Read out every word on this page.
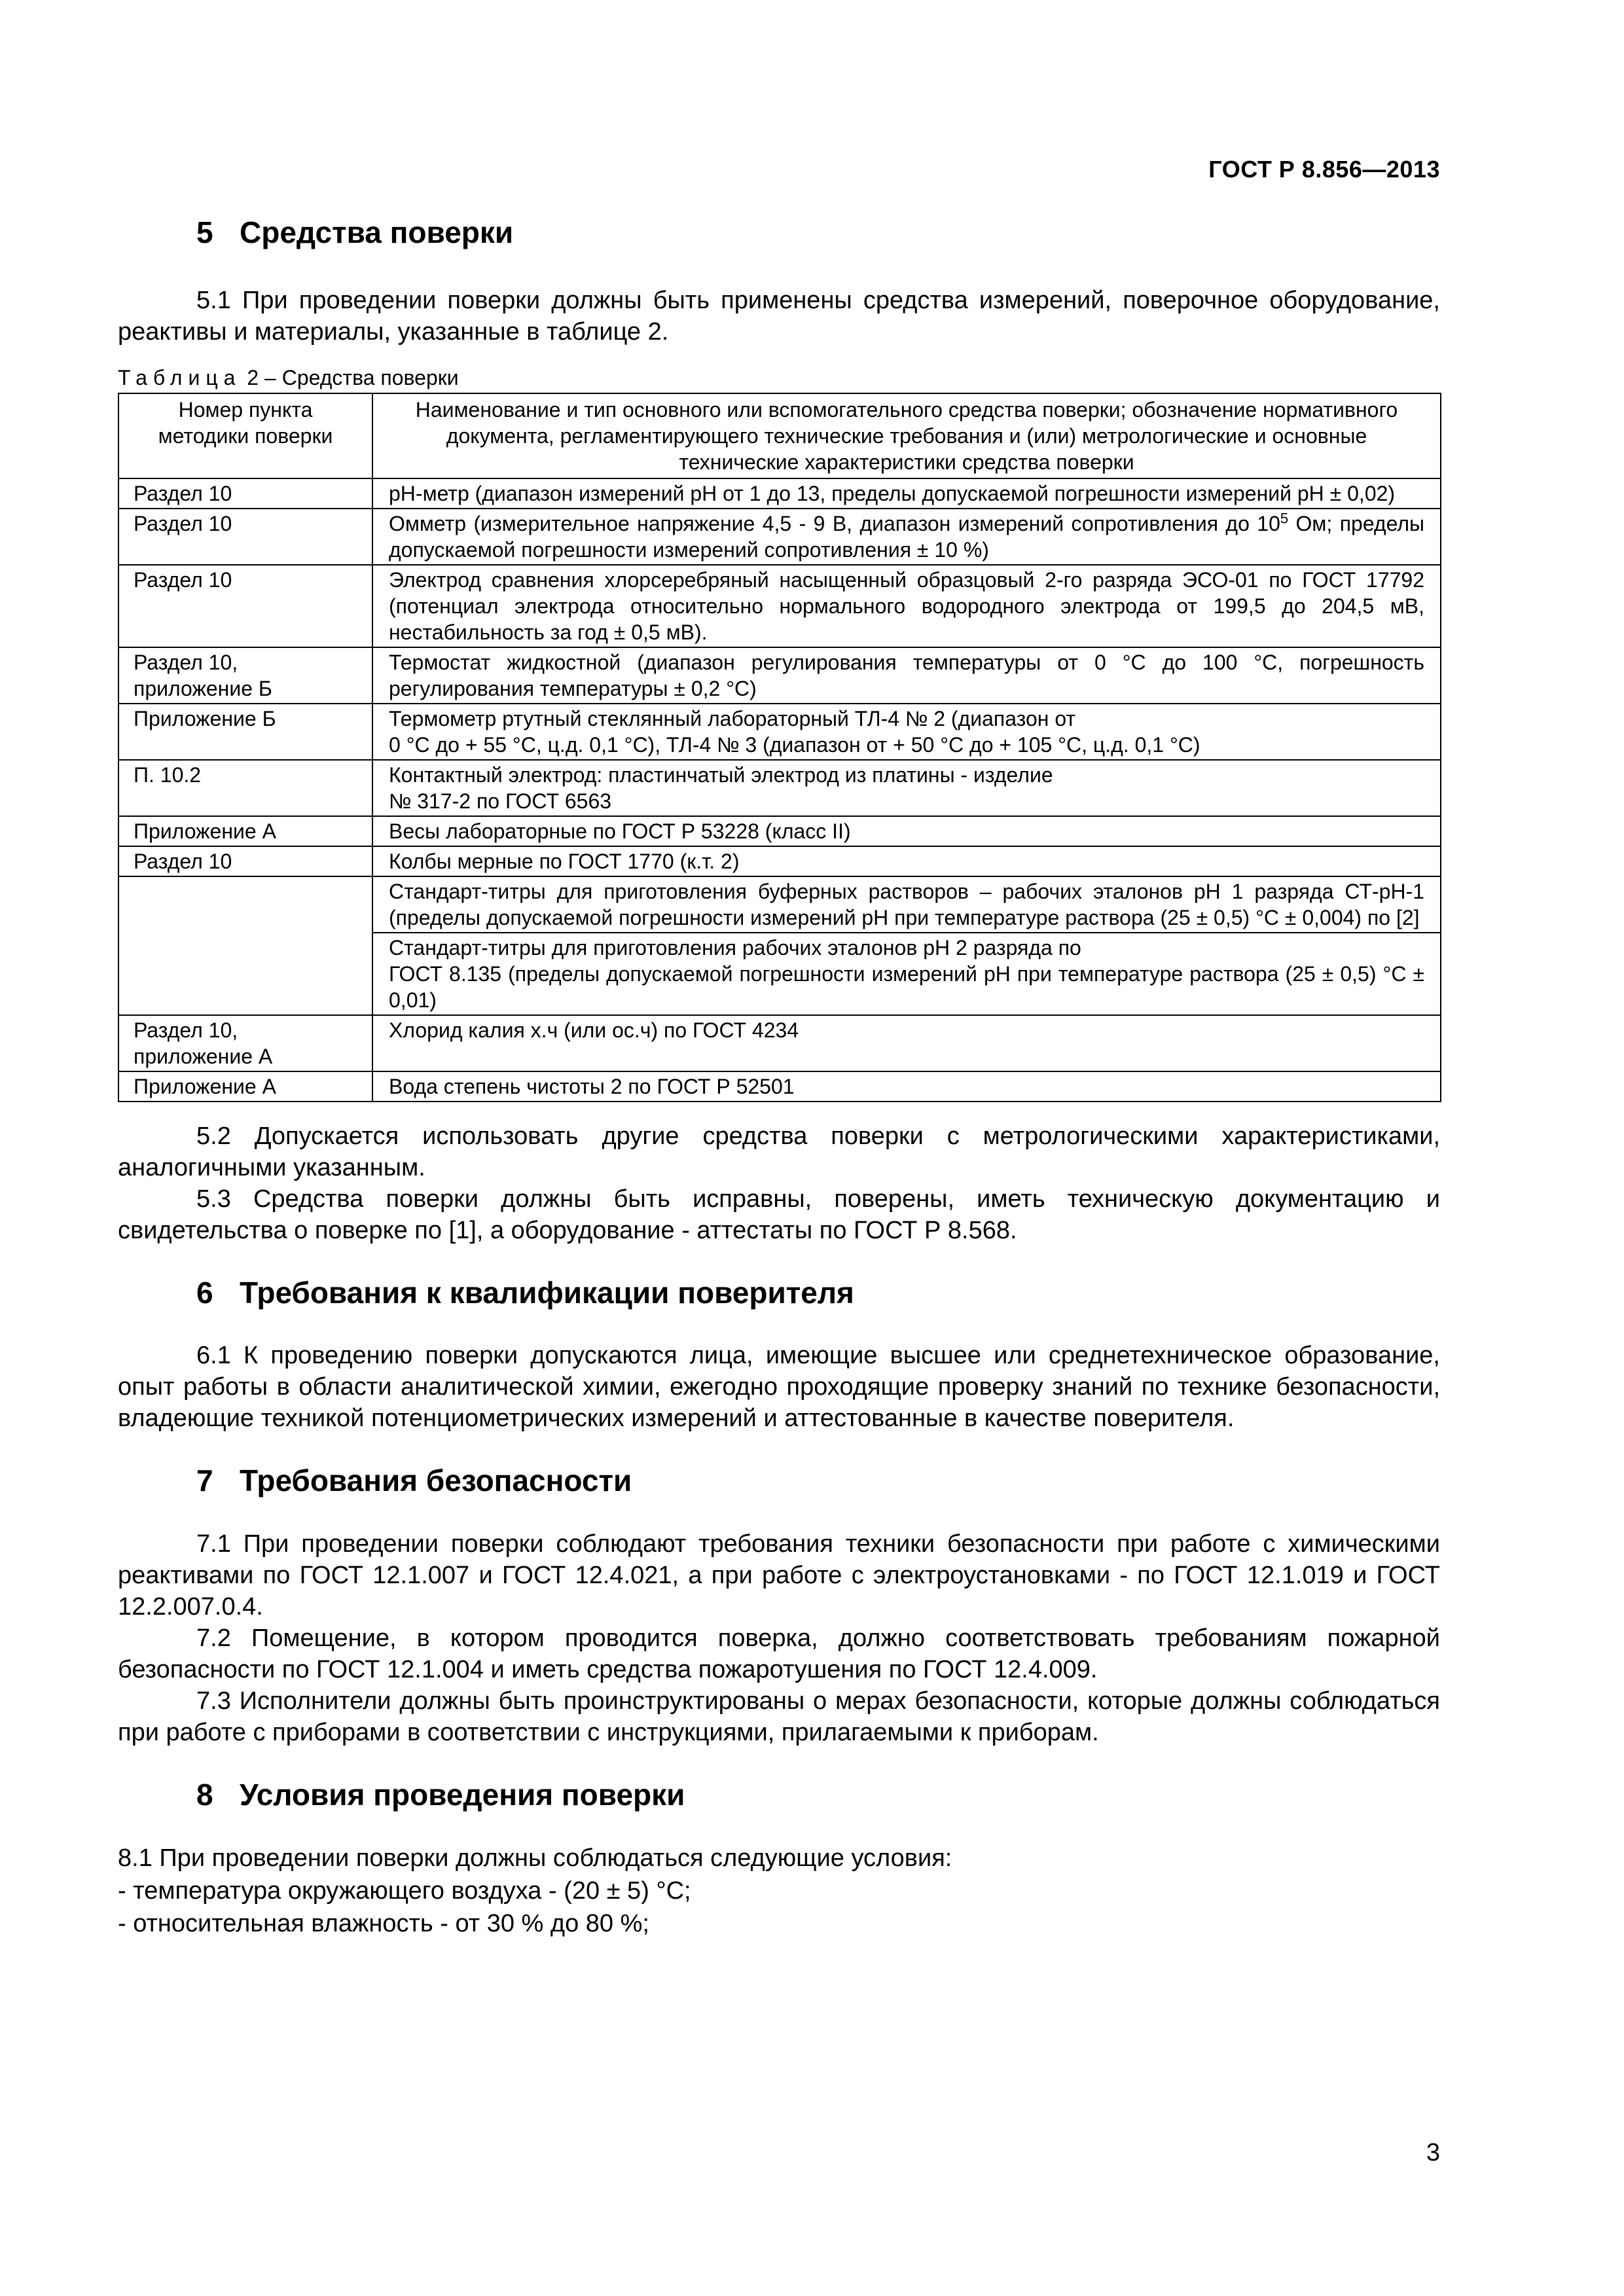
ГОСТ Р 8.856—2013
5 Средства поверки

5.1 При проведении поверки должны быть применены средства измерений, поверочное оборудование, реактивы и материалы, указанные в таблице 2.

Таблица 2 – Средства поверки

Номер пункта методики поверки	Наименование и тип основного или вспомогательного средства поверки; обозначение нормативного документа, регламентирующего технические требования и (или) метрологические и основные технические характеристики средства поверки
Раздел 10	pH-метр (диапазон измерений pH от 1 до 13, пределы допускаемой погрешности измерений pH ± 0,02)
Раздел 10	Омметр (измерительное напряжение 4,5 - 9 В, диапазон измерений сопротивления до $10^5$ Ом; пределы допускаемой погрешности измерений сопротивления ± 10 %)
Раздел 10	Электрод сравнения хлорсеребряный насыщенный образцовый 2-го разряда ЭСО-01 по ГОСТ 17792 (потенциал электрода относительно нормального водородного электрода от 199,5 до 204,5 мВ, нестабильность за год ± 0,5 мВ).
Раздел 10, приложение Б	Термостат жидкостной (диапазон регулирования температуры от 0 °С до 100 °С, погрешность регулирования температуры ± 0,2 °С)
Приложение Б	Термометр ртутный стеклянный лабораторный ТЛ-4 № 2 (диапазон от
0 °С до + 55 °С, ц.д. 0,1 °С), ТЛ-4 № 3 (диапазон от + 50 °С до + 105 °С, ц.д. 0,1 °С)

П. 10.2	Контактный электрод: пластинчатый электрод из платины - изделие
№ 317-2 по ГОСТ 6563

Приложение А	Весы лабораторные по ГОСТ Р 53228 (класс II)
Раздел 10	Колбы мерные по ГОСТ 1770 (к.т. 2)
	Стандарт-титры для приготовления буферных растворов – рабочих эталонов pH 1 разряда СТ-pH-1 (пределы допускаемой погрешности измерений pH при температуре раствора (25 ± 0,5) °С ± 0,004) по [2]

	Стандарт-титры для приготовления рабочих эталонов pH 2 разряда по
ГОСТ 8.135 (пределы допускаемой погрешности измерений pH при температуре раствора (25 ± 0,5) °С ± 0,01)

Раздел 10, приложение А	Хлорид калия х.ч (или ос.ч) по ГОСТ 4234
Приложение А	Вода степень чистоты 2 по ГОСТ Р 52501

5.2 Допускается использовать другие средства поверки с метрологическими характеристиками, аналогичными указанным.

5.3 Средства поверки должны быть исправны, поверены, иметь техническую документацию и свидетельства о поверке по [1], а оборудование - аттестаты по ГОСТ Р 8.568.

6 Требования к квалификации поверителя

6.1 К проведению поверки допускаются лица, имеющие высшее или среднетехническое образование, опыт работы в области аналитической химии, ежегодно проходящие проверку знаний по технике безопасности, владеющие техникой потенциометрических измерений и аттестованные в качестве поверителя.

7 Требования безопасности

7.1 При проведении поверки соблюдают требования техники безопасности при работе с химическими реактивами по ГОСТ 12.1.007 и ГОСТ 12.4.021, а при работе с электроустановками - по ГОСТ 12.1.019 и ГОСТ 12.2.007.0.4.

7.2 Помещение, в котором проводится поверка, должно соответствовать требованиям пожарной безопасности по ГОСТ 12.1.004 и иметь средства пожаротушения по ГОСТ 12.4.009.

7.3 Исполнители должны быть проинструктированы о мерах безопасности, которые должны соблюдаться при работе с приборами в соответствии с инструкциями, прилагаемыми к приборам.

8 Условия проведения поверки

8.1 При проведении поверки должны соблюдаться следующие условия:

- температура окружающего воздуха - (20 ± 5) °С;

- относительная влажность - от 30 % до 80 %;

3
